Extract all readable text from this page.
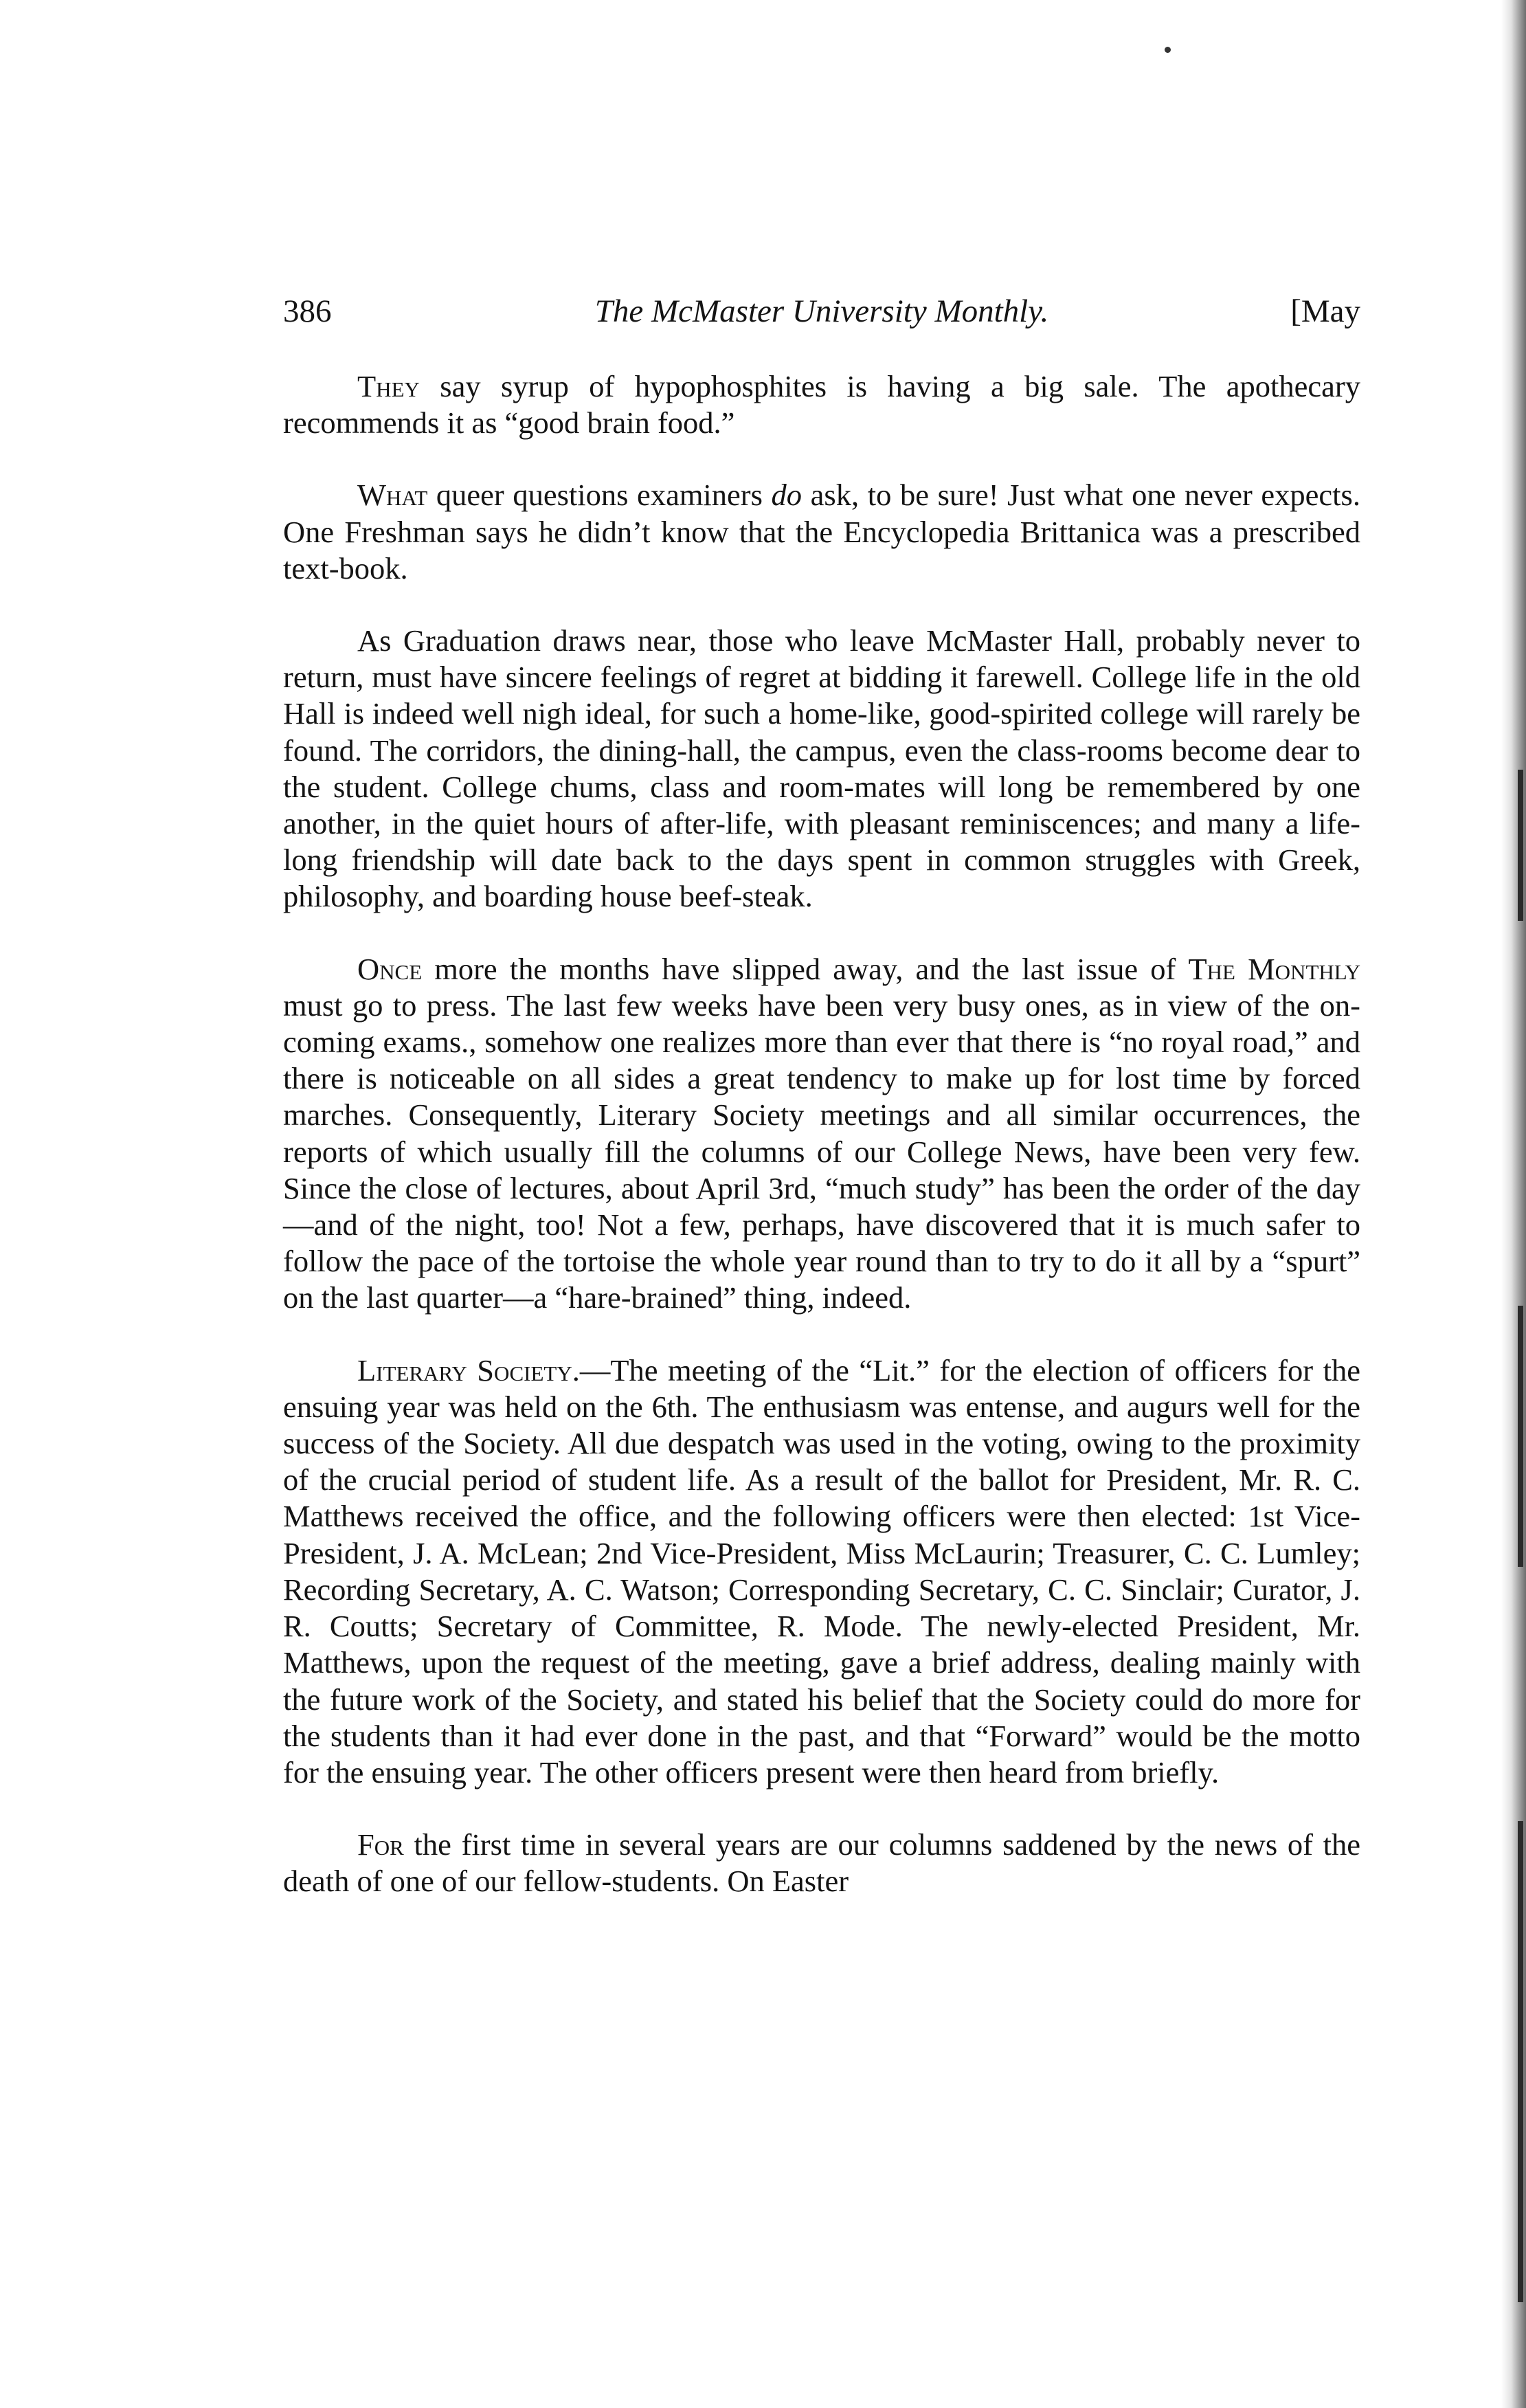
386	The McMaster University Monthly.	[May

They say syrup of hypophosphites is having a big sale. The apothecary recommends it as “good brain food.”

What queer questions examiners do ask, to be sure! Just what one never expects. One Freshman says he didn’t know that the Encyclopedia Brittanica was a prescribed text-book.

As Graduation draws near, those who leave McMaster Hall, probably never to return, must have sincere feelings of regret at bidding it farewell. College life in the old Hall is indeed well nigh ideal, for such a home-like, good-spirited college will rarely be found. The corridors, the dining-hall, the campus, even the class-rooms become dear to the student. College chums, class and room-mates will long be remembered by one another, in the quiet hours of after-life, with pleasant reminiscences; and many a life-long friendship will date back to the days spent in common struggles with Greek, philosophy, and boarding house beef-steak.

Once more the months have slipped away, and the last issue of The Monthly must go to press. The last few weeks have been very busy ones, as in view of the on-coming exams., somehow one realizes more than ever that there is “no royal road,” and there is noticeable on all sides a great tendency to make up for lost time by forced marches. Consequently, Literary Society meetings and all similar occurrences, the reports of which usually fill the columns of our College News, have been very few. Since the close of lectures, about April 3rd, “much study” has been the order of the day—and of the night, too! Not a few, perhaps, have discovered that it is much safer to follow the pace of the tortoise the whole year round than to try to do it all by a “spurt” on the last quarter—a “hare-brained” thing, indeed.

Literary Society.—The meeting of the “Lit.” for the election of officers for the ensuing year was held on the 6th. The enthusiasm was entense, and augurs well for the success of the Society. All due despatch was used in the voting, owing to the proximity of the crucial period of student life. As a result of the ballot for President, Mr. R. C. Matthews received the office, and the following officers were then elected: 1st Vice-President, J. A. McLean; 2nd Vice-President, Miss McLaurin; Treasurer, C. C. Lumley; Recording Secretary, A. C. Watson; Corresponding Secretary, C. C. Sinclair; Curator, J. R. Coutts; Secretary of Committee, R. Mode. The newly-elected President, Mr. Matthews, upon the request of the meeting, gave a brief address, dealing mainly with the future work of the Society, and stated his belief that the Society could do more for the students than it had ever done in the past, and that “Forward” would be the motto for the ensuing year. The other officers present were then heard from briefly.

For the first time in several years are our columns saddened by the news of the death of one of our fellow-students. On Easter
